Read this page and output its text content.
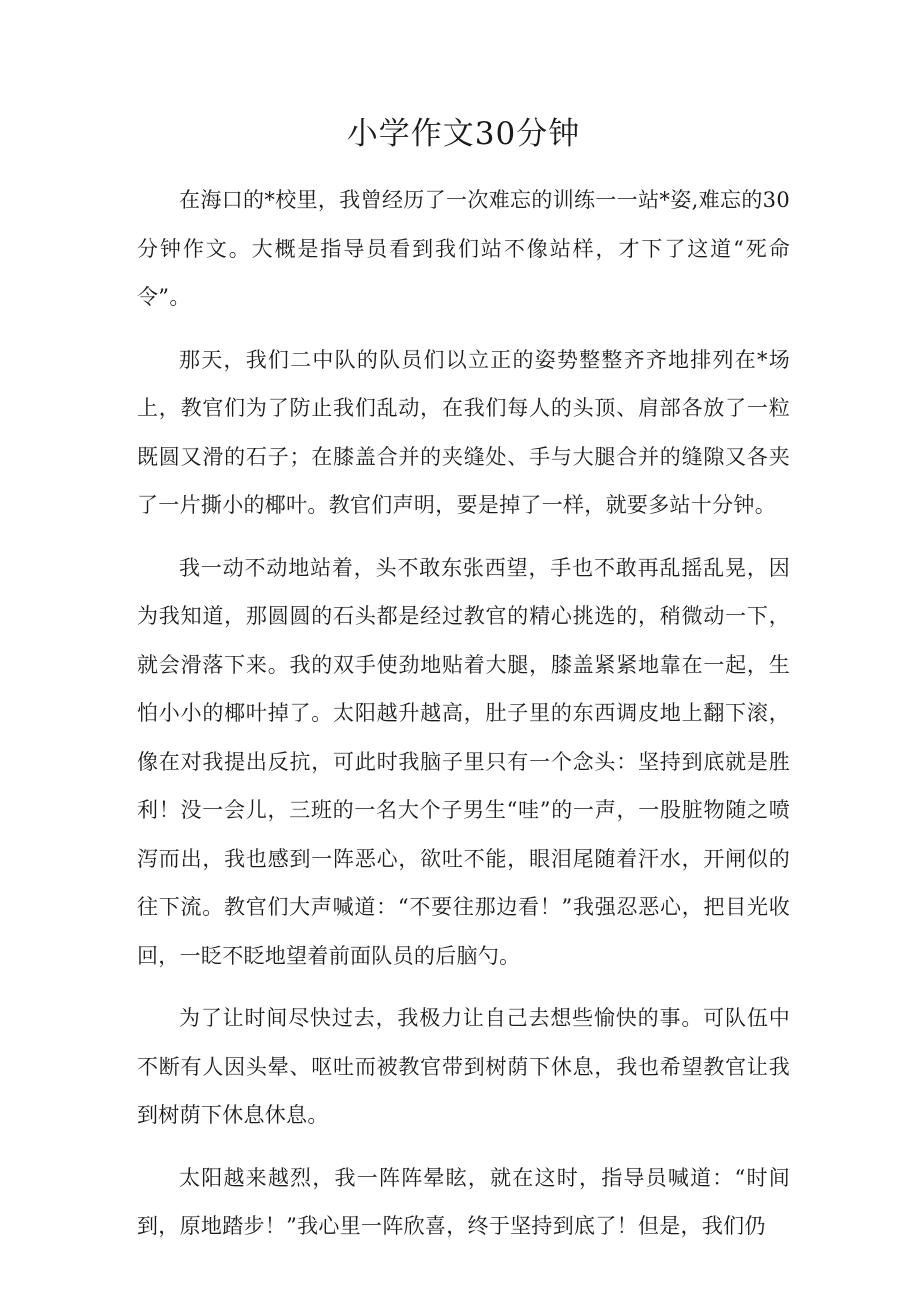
小学作文30分钟

在海口的*校里，我曾经历了一次难忘的训练一一站*姿,难忘的30分钟作文。大概是指导员看到我们站不像站样，才下了这道“死命令”。

那天，我们二中队的队员们以立正的姿势整整齐齐地排列在*场上，教官们为了防止我们乱动，在我们每人的头顶、肩部各放了一粒既圆又滑的石子；在膝盖合并的夹缝处、手与大腿合并的缝隙又各夹了一片撕小的椰叶。教官们声明，要是掉了一样，就要多站十分钟。

我一动不动地站着，头不敢东张西望，手也不敢再乱摇乱晃，因为我知道，那圆圆的石头都是经过教官的精心挑选的，稍微动一下，就会滑落下来。我的双手使劲地贴着大腿，膝盖紧紧地靠在一起，生怕小小的椰叶掉了。太阳越升越高，肚子里的东西调皮地上翻下滚，像在对我提出反抗，可此时我脑子里只有一个念头：坚持到底就是胜利！没一会儿，三班的一名大个子男生“哇”的一声，一股脏物随之喷泻而出，我也感到一阵恶心，欲吐不能，眼泪尾随着汗水，开闸似的往下流。教官们大声喊道：“不要往那边看！”我强忍恶心，把目光收回，一眨不眨地望着前面队员的后脑勺。

为了让时间尽快过去，我极力让自己去想些愉快的事。可队伍中不断有人因头晕、呕吐而被教官带到树荫下休息，我也希望教官让我到树荫下休息休息。

太阳越来越烈，我一阵阵晕眩，就在这时，指导员喊道：“时间到，原地踏步！”我心里一阵欣喜，终于坚持到底了！但是，我们仍
